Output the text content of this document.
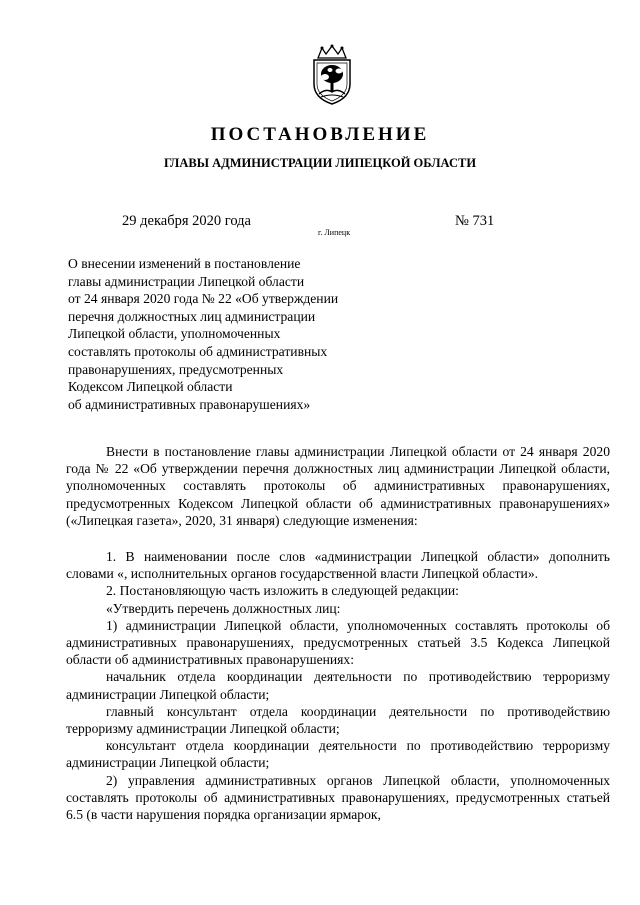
ПОСТАНОВЛЕНИЕ
ГЛАВЫ АДМИНИСТРАЦИИ ЛИПЕЦКОЙ ОБЛАСТИ
29 декабря 2020 года
г. Липецк
№ 731
О внесении изменений в постановление
главы администрации Липецкой области
от 24 января 2020 года № 22 «Об утверждении
перечня должностных лиц администрации
Липецкой области, уполномоченных
составлять протоколы об административных
правонарушениях, предусмотренных
Кодексом Липецкой области
об административных правонарушениях»

Внести в постановление главы администрации Липецкой области от 24 января 2020 года № 22 «Об утверждении перечня должностных лиц администрации Липецкой области, уполномоченных составлять протоколы об административных правонарушениях, предусмотренных Кодексом Липецкой области об административных правонарушениях» («Липецкая газета», 2020, 31 января) следующие изменения:

1. В наименовании после слов «администрации Липецкой области» дополнить словами «, исполнительных органов государственной власти Липецкой области».

2. Постановляющую часть изложить в следующей редакции:

«Утвердить перечень должностных лиц:

1) администрации Липецкой области, уполномоченных составлять протоколы об административных правонарушениях, предусмотренных статьей 3.5 Кодекса Липецкой области об административных правонарушениях:

начальник отдела координации деятельности по противодействию терроризму администрации Липецкой области;

главный консультант отдела координации деятельности по противодействию терроризму администрации Липецкой области;

консультант отдела координации деятельности по противодействию терроризму администрации Липецкой области;

2) управления административных органов Липецкой области, уполномоченных составлять протоколы об административных правонарушениях, предусмотренных статьей 6.5 (в части нарушения порядка организации ярмарок,
